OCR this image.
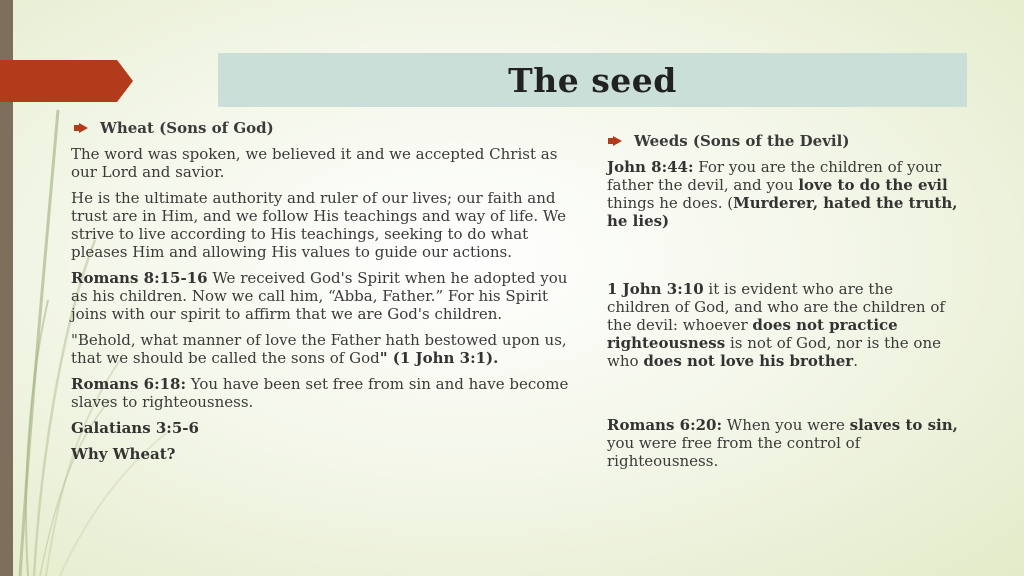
The seed
Wheat (Sons of God)

The word was spoken, we believed it and we accepted Christ as our Lord and savior.

He is the ultimate authority and ruler of our lives; our faith and trust are in Him, and we follow His teachings and way of life. We strive to live according to His teachings, seeking to do what pleases Him and allowing His values to guide our actions.

Romans 8:15-16 We received God's Spirit when he adopted you as his children. Now we call him, “Abba, Father.” For his Spirit joins with our spirit to affirm that we are God's children.

"Behold, what manner of love the Father hath bestowed upon us, that we should be called the sons of God" (1 John 3:1).

Romans 6:18: You have been set free from sin and have become slaves to righteousness.

Galatians 3:5-6

Why Wheat?

Weeds (Sons of the Devil)

John 8:44: For you are the children of your father the devil, and you love to do the evil things he does. (Murderer, hated the truth, he lies)

1 John 3:10 it is evident who are the children of God, and who are the children of the devil: whoever does not practice righteousness is not of God, nor is the one who does not love his brother.

Romans 6:20: When you were slaves to sin, you were free from the control of righteousness.
